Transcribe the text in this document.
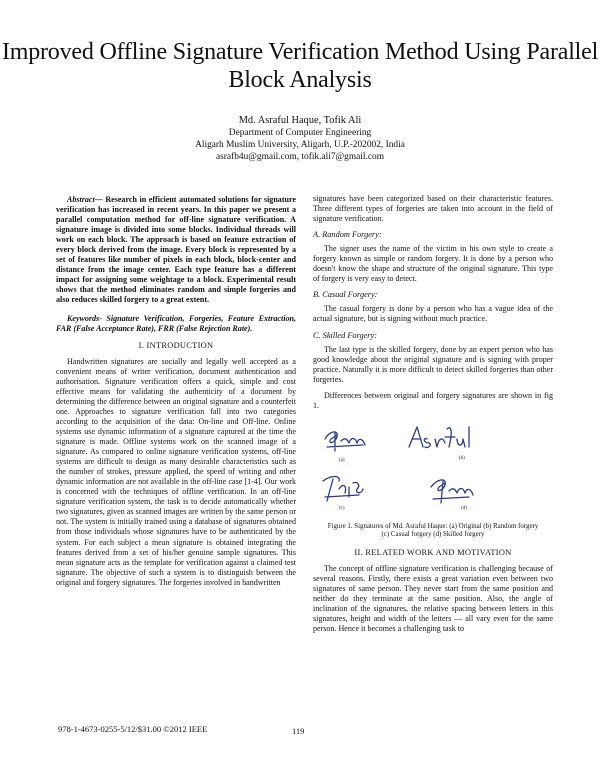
Improved Offline Signature Verification Method Using Parallel Block Analysis
Md. Asraful Haque, Tofik Ali
Department of Computer Engineering
Aligarh Muslim University, Aligarh, U.P.-202002, India
asrafb4u@gmail.com, tofik.ali7@gmail.com

Abstract— Research in efficient automated solutions for signature verification has increased in recent years. In this paper we present a parallel computation method for off-line signature verification. A signature image is divided into some blocks. Individual threads will work on each block. The approach is based on feature extraction of every block derived from the image. Every block is represented by a set of features like number of pixels in each block, block-center and distance from the image center. Each type feature has a different impact for assigning some weightage to a block. Experimental result shows that the method eliminates random and simple forgeries and also reduces skilled forgery to a great extent.

Keywords- Signature Verification, Forgeries, Feature Extraction, FAR (False Acceptance Rate), FRR (False Rejection Rate).

I. INTRODUCTION

Handwritten signatures are socially and legally well accepted as a convenient means of writer verification, document authentication and authorisation. Signature verification offers a quick, simple and cost effective means for validating the authenticity of a document by determining the difference between an original signature and a counterfeit one. Approaches to signature verification fall into two categories according to the acquisition of the data: On-line and Off-line. Online systems use dynamic information of a signature captured at the time the signature is made. Offline systems work on the scanned image of a signature. As compared to online signature verification systems, off-line systems are difficult to design as many desirable characteristics such as the number of strokes, pressure applied, the speed of writing and other dynamic information are not available in the off-line case [1-4]. Our work is concerned with the techniques of offline verification. In an off-line signature verification system, the task is to decide automatically whether two signatures, given as scanned images are written by the same person or not. The system is initially trained using a database of signatures obtained from those individuals whose signatures have to be authenticated by the system. For each subject a mean signature is obtained integrating the features derived from a set of his/her genuine sample signatures. This mean signature acts as the template for verification against a claimed test signature. The objective of such a system is to distinguish between the original and forgery signatures. The forgeries involved in handwritten

signatures have been categorized based on their characteristic features. Three different types of forgeries are taken into account in the field of signature verification.

A. Random Forgery:

The signer uses the name of the victim in his own style to create a forgery known as simple or random forgery. It is done by a person who doesn't know the shape and structure of the original signature. This type of forgery is very easy to detect.

B. Casual Forgery:

The casual forgery is done by a person who has a vague idea of the actual signature, but is signing without much practice.

C. Skilled Forgery:

The last type is the skilled forgery, done by an expert person who has good knowledge about the original signature and is signing with proper practice. Naturally it is more difficult to detect skilled forgeries than other forgeries.

Differences between original and forgery signatures are shown in fig 1.

(a)	(b)
(c)	(d)
Figure 1. Signatures of Md. Asraful Haque: (a) Original (b) Random forgery
(c) Casual forgery (d) Skilled forgery
II. RELATED WORK AND MOTIVATION

The concept of offline signature verification is challenging because of several reasons. Firstly, there exists a great variation even between two signatures of same person. They never start from the same position and neither do they terminate at the same position. Also, the angle of inclination of the signatures, the relative spacing between letters in this signatures, height and width of the letters — all vary even for the same person. Hence it becomes a challenging task to

978-1-4673-0255-5/12/$31.00 ©2012 IEEE	119
